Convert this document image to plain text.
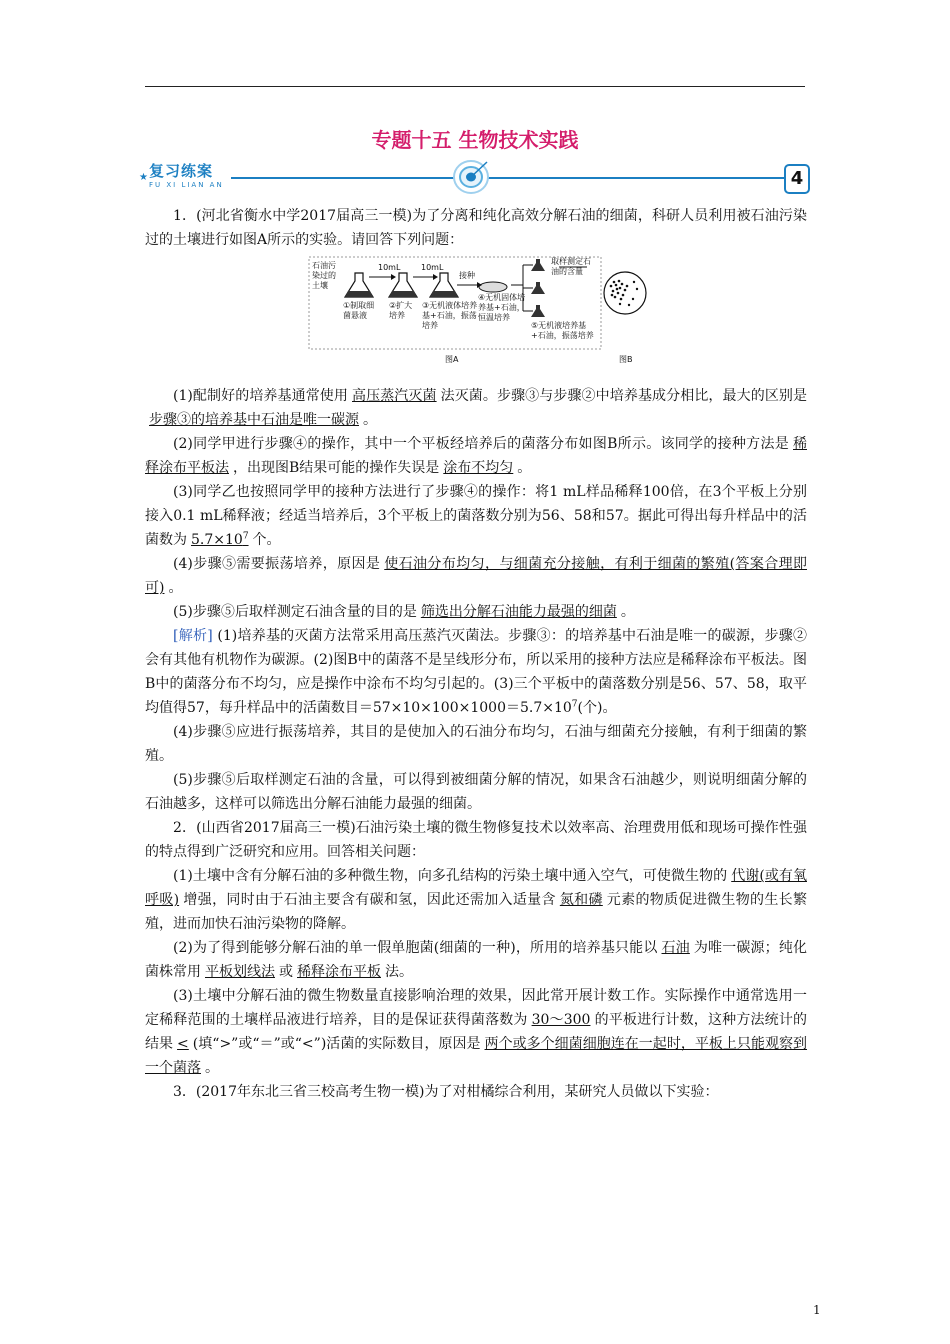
专题十五 生物技术实践
★ 复习练案
FU XI LIAN AN	4

1．(河北省衡水中学2017届高三一模)为了分离和纯化高效分解石油的细菌，科研人员利用被石油污染过的土壤进行如图A所示的实验。请回答下列问题：

石油污染过的土壤
10mL	10mL
接种
①制取细菌悬液
②扩大培养
③无机液体培养基+石油，振荡培养
④无机固体培养基+石油，恒温培养
⑤无机液培养基+石油，振荡培养
取样测定石油的含量
图A	图B

(1)配制好的培养基通常使用 高压蒸汽灭菌 法灭菌。步骤③与步骤②中培养基成分相比，最大的区别是步骤③的培养基中石油是唯一碳源 。

(2)同学甲进行步骤④的操作，其中一个平板经培养后的菌落分布如图B所示。该同学的接种方法是 稀释涂布平板法 ，出现图B结果可能的操作失误是 涂布不均匀 。

(3)同学乙也按照同学甲的接种方法进行了步骤④的操作：将1 mL样品稀释100倍，在3个平板上分别接入0.1 mL稀释液；经适当培养后，3个平板上的菌落数分别为56、58和57。据此可得出每升样品中的活菌数为 $5.7\times 10^7$ 个。

(4)步骤⑤需要振荡培养，原因是 使石油分布均匀，与细菌充分接触，有利于细菌的繁殖(答案合理即可) 。

(5)步骤⑤后取样测定石油含量的目的是 筛选出分解石油能力最强的细菌 。

[解析] (1)培养基的灭菌方法常采用高压蒸汽灭菌法。步骤③：的培养基中石油是唯一的碳源，步骤②会有其他有机物作为碳源。(2)图B中的菌落不是呈线形分布，所以采用的接种方法应是稀释涂布平板法。图B中的菌落分布不均匀，应是操作中涂布不均匀引起的。(3)三个平板中的菌落数分别是56、57、58，取平均值得57，每升样品中的活菌数目$=57\times 10\times 100\times 1000=5.7\times 10^7$(个)。

(4)步骤⑤应进行振荡培养，其目的是使加入的石油分布均匀，石油与细菌充分接触，有利于细菌的繁殖。

(5)步骤⑤后取样测定石油的含量，可以得到被细菌分解的情况，如果含石油越少，则说明细菌分解的石油越多，这样可以筛选出分解石油能力最强的细菌。

2．(山西省2017届高三一模)石油污染土壤的微生物修复技术以效率高、治理费用低和现场可操作性强的特点得到广泛研究和应用。回答相关问题：

(1)土壤中含有分解石油的多种微生物，向多孔结构的污染土壤中通入空气，可使微生物的 代谢(或有氧呼吸) 增强，同时由于石油主要含有碳和氢，因此还需加入适量含 氮和磷 元素的物质促进微生物的生长繁殖，进而加快石油污染物的降解。

(2)为了得到能够分解石油的单一假单胞菌(细菌的一种)，所用的培养基只能以 石油 为唯一碳源；纯化菌株常用 平板划线法 或 稀释涂布平板 法。

(3)土壤中分解石油的微生物数量直接影响治理的效果，因此常开展计数工作。实际操作中通常选用一定稀释范围的土壤样品液进行培养，目的是保证获得菌落数为 30～300 的平板进行计数，这种方法统计的结果 < (填“>”或“＝”或“<”)活菌的实际数目，原因是 两个或多个细菌细胞连在一起时，平板上只能观察到一个菌落 。

3．(2017年东北三省三校高考生物一模)为了对柑橘综合利用，某研究人员做以下实验：

1
